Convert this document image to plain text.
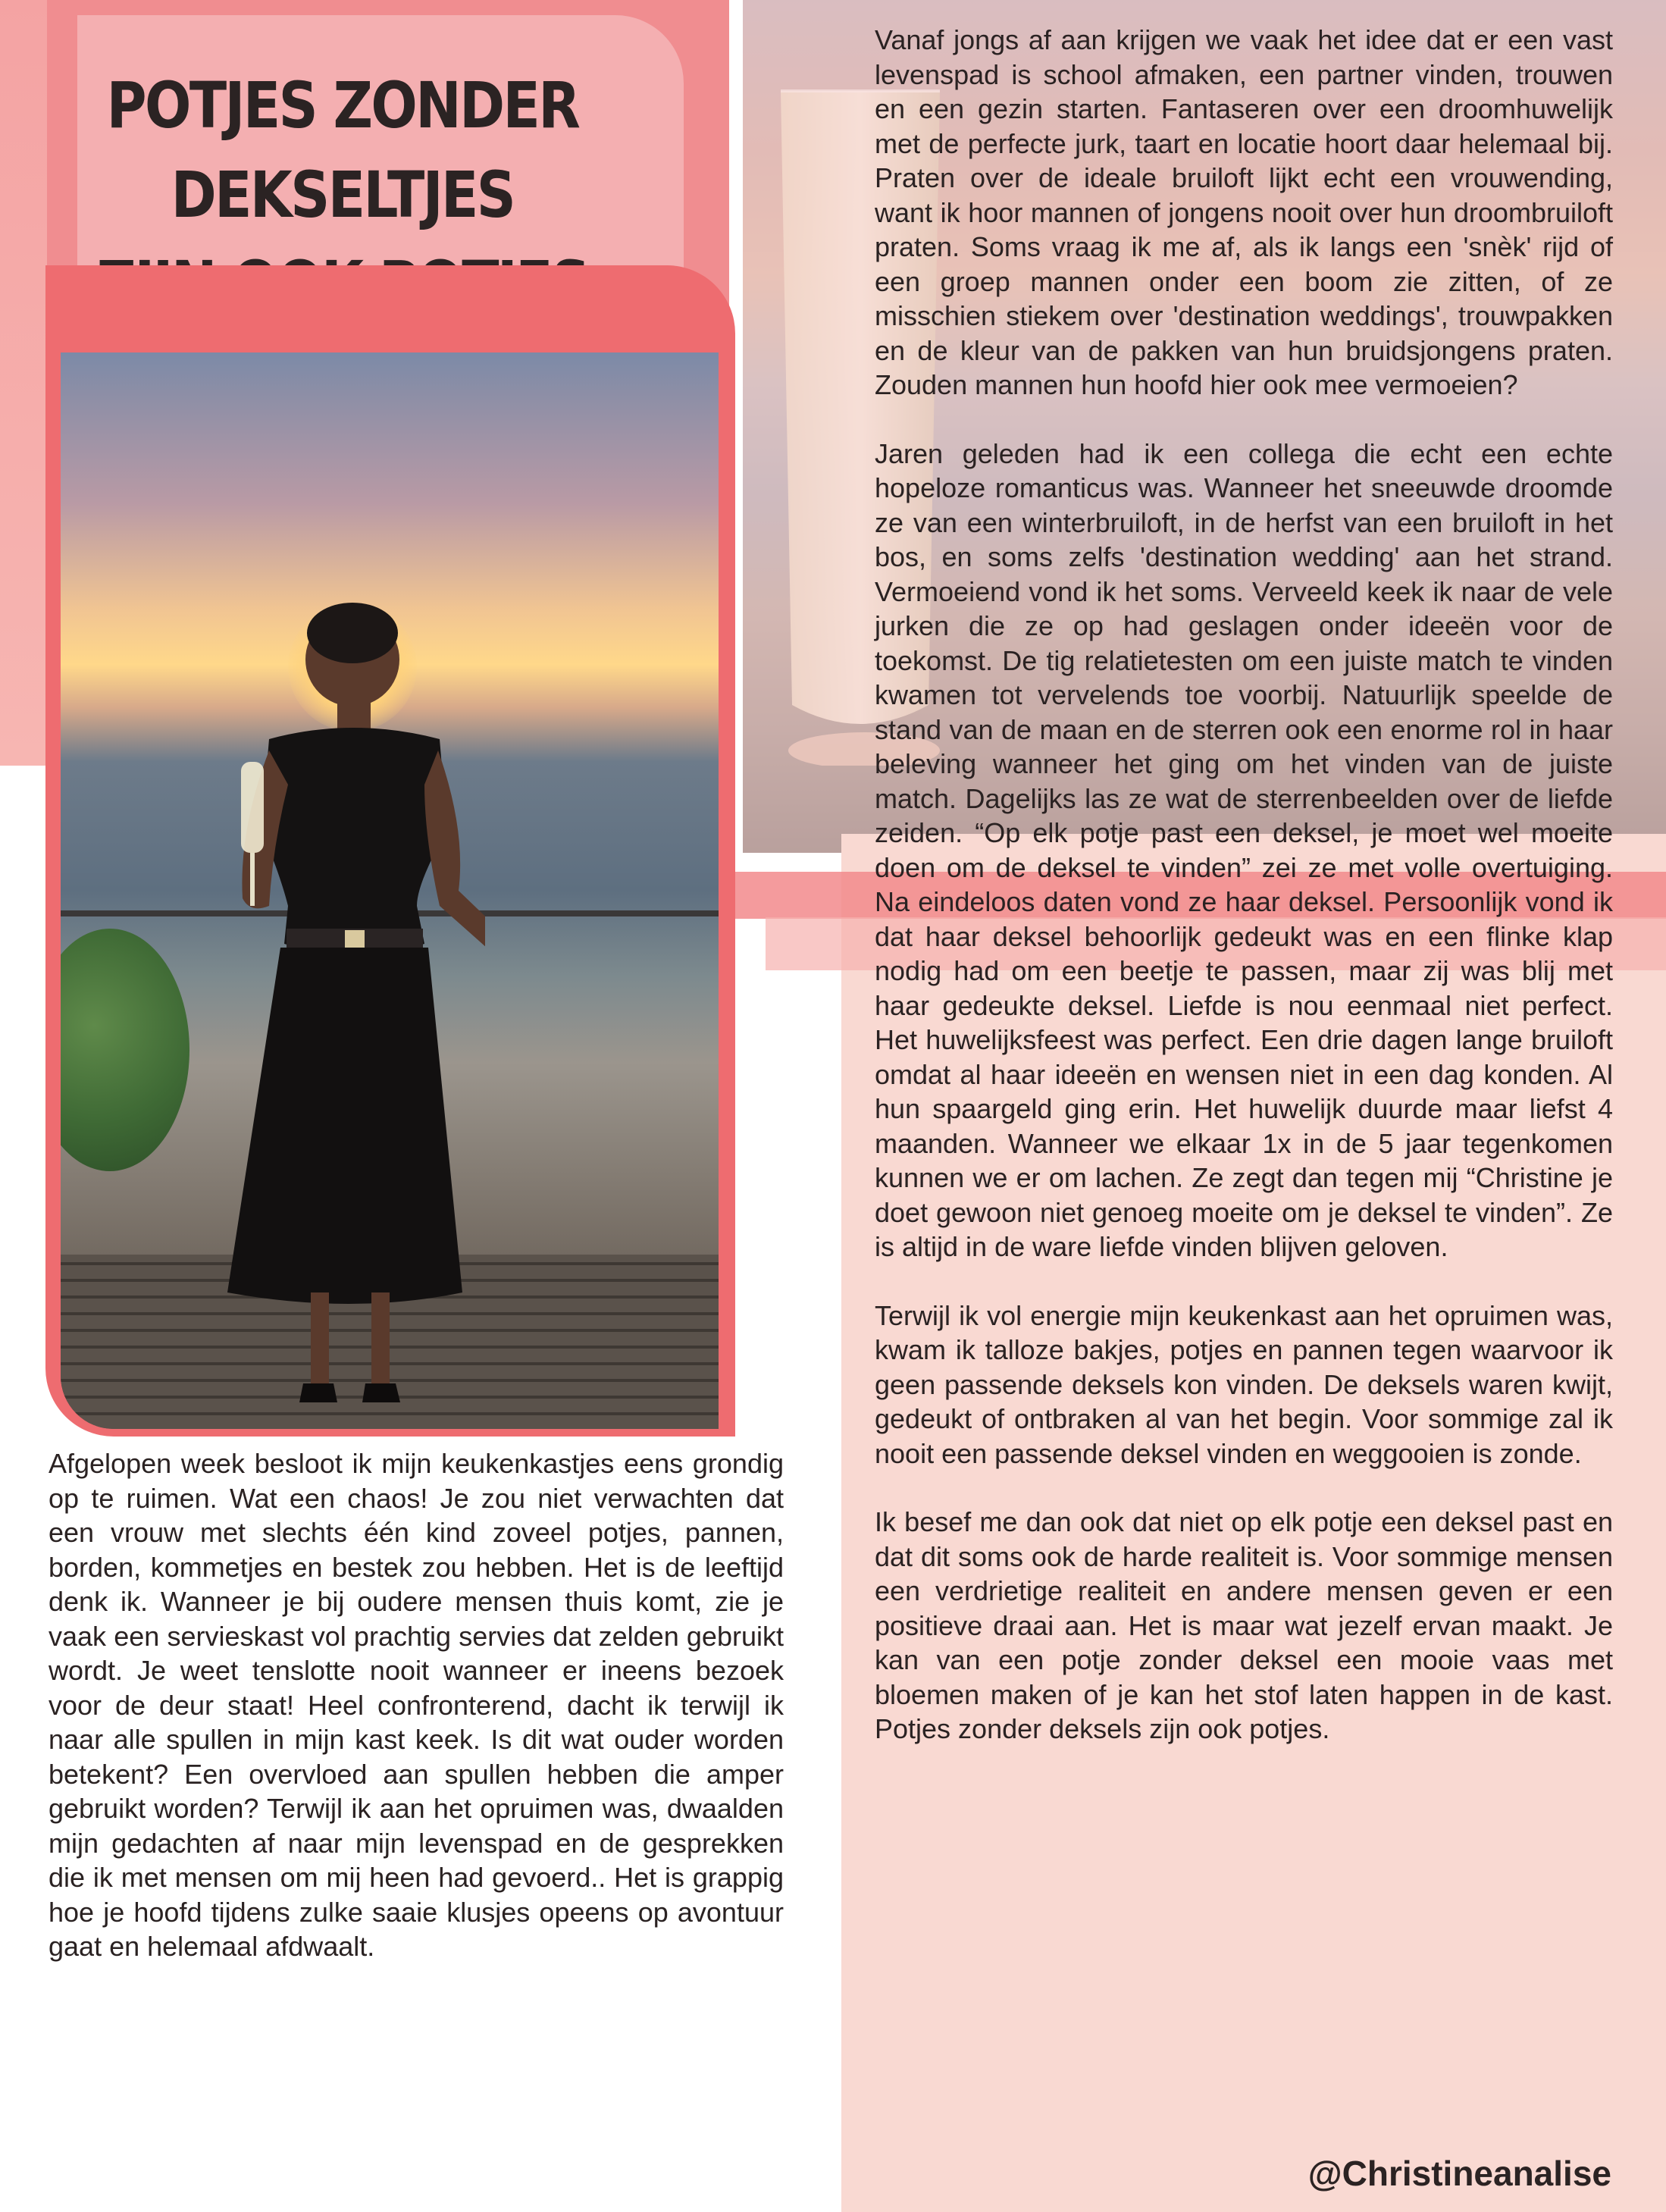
POTJES ZONDER
DEKSELTJES

Afgelopen week besloot ik mijn keukenkastjes eens grondig op te ruimen. Wat een chaos! Je zou niet verwachten dat een vrouw met slechts één kind zoveel potjes, pannen, borden, kommetjes en bestek zou hebben. Het is de leeftijd denk ik. Wanneer je bij oudere mensen thuis komt, zie je vaak een servieskast vol prachtig servies dat zelden gebruikt wordt. Je weet tenslotte nooit wanneer er ineens bezoek voor de deur staat! Heel confronterend, dacht ik terwijl ik naar alle spullen in mijn kast keek. Is dit wat ouder worden betekent? Een overvloed aan spullen hebben die amper gebruikt worden? Terwijl ik aan het opruimen was, dwaalden mijn gedachten af naar mijn levenspad en de gesprekken die ik met mensen om mij heen had gevoerd.. Het is grappig hoe je hoofd tijdens zulke saaie klusjes opeens op avontuur gaat en helemaal afdwaalt.

Vanaf jongs af aan krijgen we vaak het idee dat er een vast levenspad is school afmaken, een partner vinden, trouwen en een gezin starten. Fantaseren over een droomhuwelijk met de perfecte jurk, taart en locatie hoort daar helemaal bij. Praten over de ideale bruiloft lijkt echt een vrouwending, want ik hoor mannen of jongens nooit over hun droombruiloft praten. Soms vraag ik me af, als ik langs een 'snèk' rijd of een groep mannen onder een boom zie zitten, of ze misschien stiekem over 'destination weddings', trouwpakken en de kleur van de pakken van hun bruidsjongens praten. Zouden mannen hun hoofd hier ook mee vermoeien?

Jaren geleden had ik een collega die echt een echte hopeloze romanticus was. Wanneer het sneeuwde droomde ze van een winterbruiloft, in de herfst van een bruiloft in het bos, en soms zelfs 'destination wedding' aan het strand. Vermoeiend vond ik het soms. Verveeld keek ik naar de vele jurken die ze op had geslagen onder ideeën voor de toekomst. De tig relatietesten om een juiste match te vinden kwamen tot vervelends toe voorbij. Natuurlijk speelde de stand van de maan en de sterren ook een enorme rol in haar beleving wanneer het ging om het vinden van de juiste match. Dagelijks las ze wat de sterrenbeelden over de liefde zeiden. “Op elk potje past een deksel, je moet wel moeite doen om de deksel te vinden” zei ze met volle overtuiging. Na eindeloos daten vond ze haar deksel. Persoonlijk vond ik dat haar deksel behoorlijk gedeukt was en een flinke klap nodig had om een beetje te passen, maar zij was blij met haar gedeukte deksel. Liefde is nou eenmaal niet perfect. Het huwelijksfeest was perfect. Een drie dagen lange bruiloft omdat al haar ideeën en wensen niet in een dag konden. Al hun spaargeld ging erin. Het huwelijk duurde maar liefst 4 maanden. Wanneer we elkaar 1x in de 5 jaar tegenkomen kunnen we er om lachen. Ze zegt dan tegen mij “Christine je doet gewoon niet genoeg moeite om je deksel te vinden”. Ze is altijd in de ware liefde vinden blijven geloven.

Terwijl ik vol energie mijn keukenkast aan het opruimen was, kwam ik talloze bakjes, potjes en pannen tegen waarvoor ik geen passende deksels kon vinden. De deksels waren kwijt, gedeukt of ontbraken al van het begin. Voor sommige zal ik nooit een passende deksel vinden en weggooien is zonde.

Ik besef me dan ook dat niet op elk potje een deksel past en dat dit soms ook de harde realiteit is. Voor sommige mensen een verdrietige realiteit en andere mensen geven er een positieve draai aan. Het is maar wat jezelf ervan maakt. Je kan van een potje zonder deksel een mooie vaas met bloemen maken of je kan het stof laten happen in de kast. Potjes zonder deksels zijn ook potjes.

@Christineanalise
